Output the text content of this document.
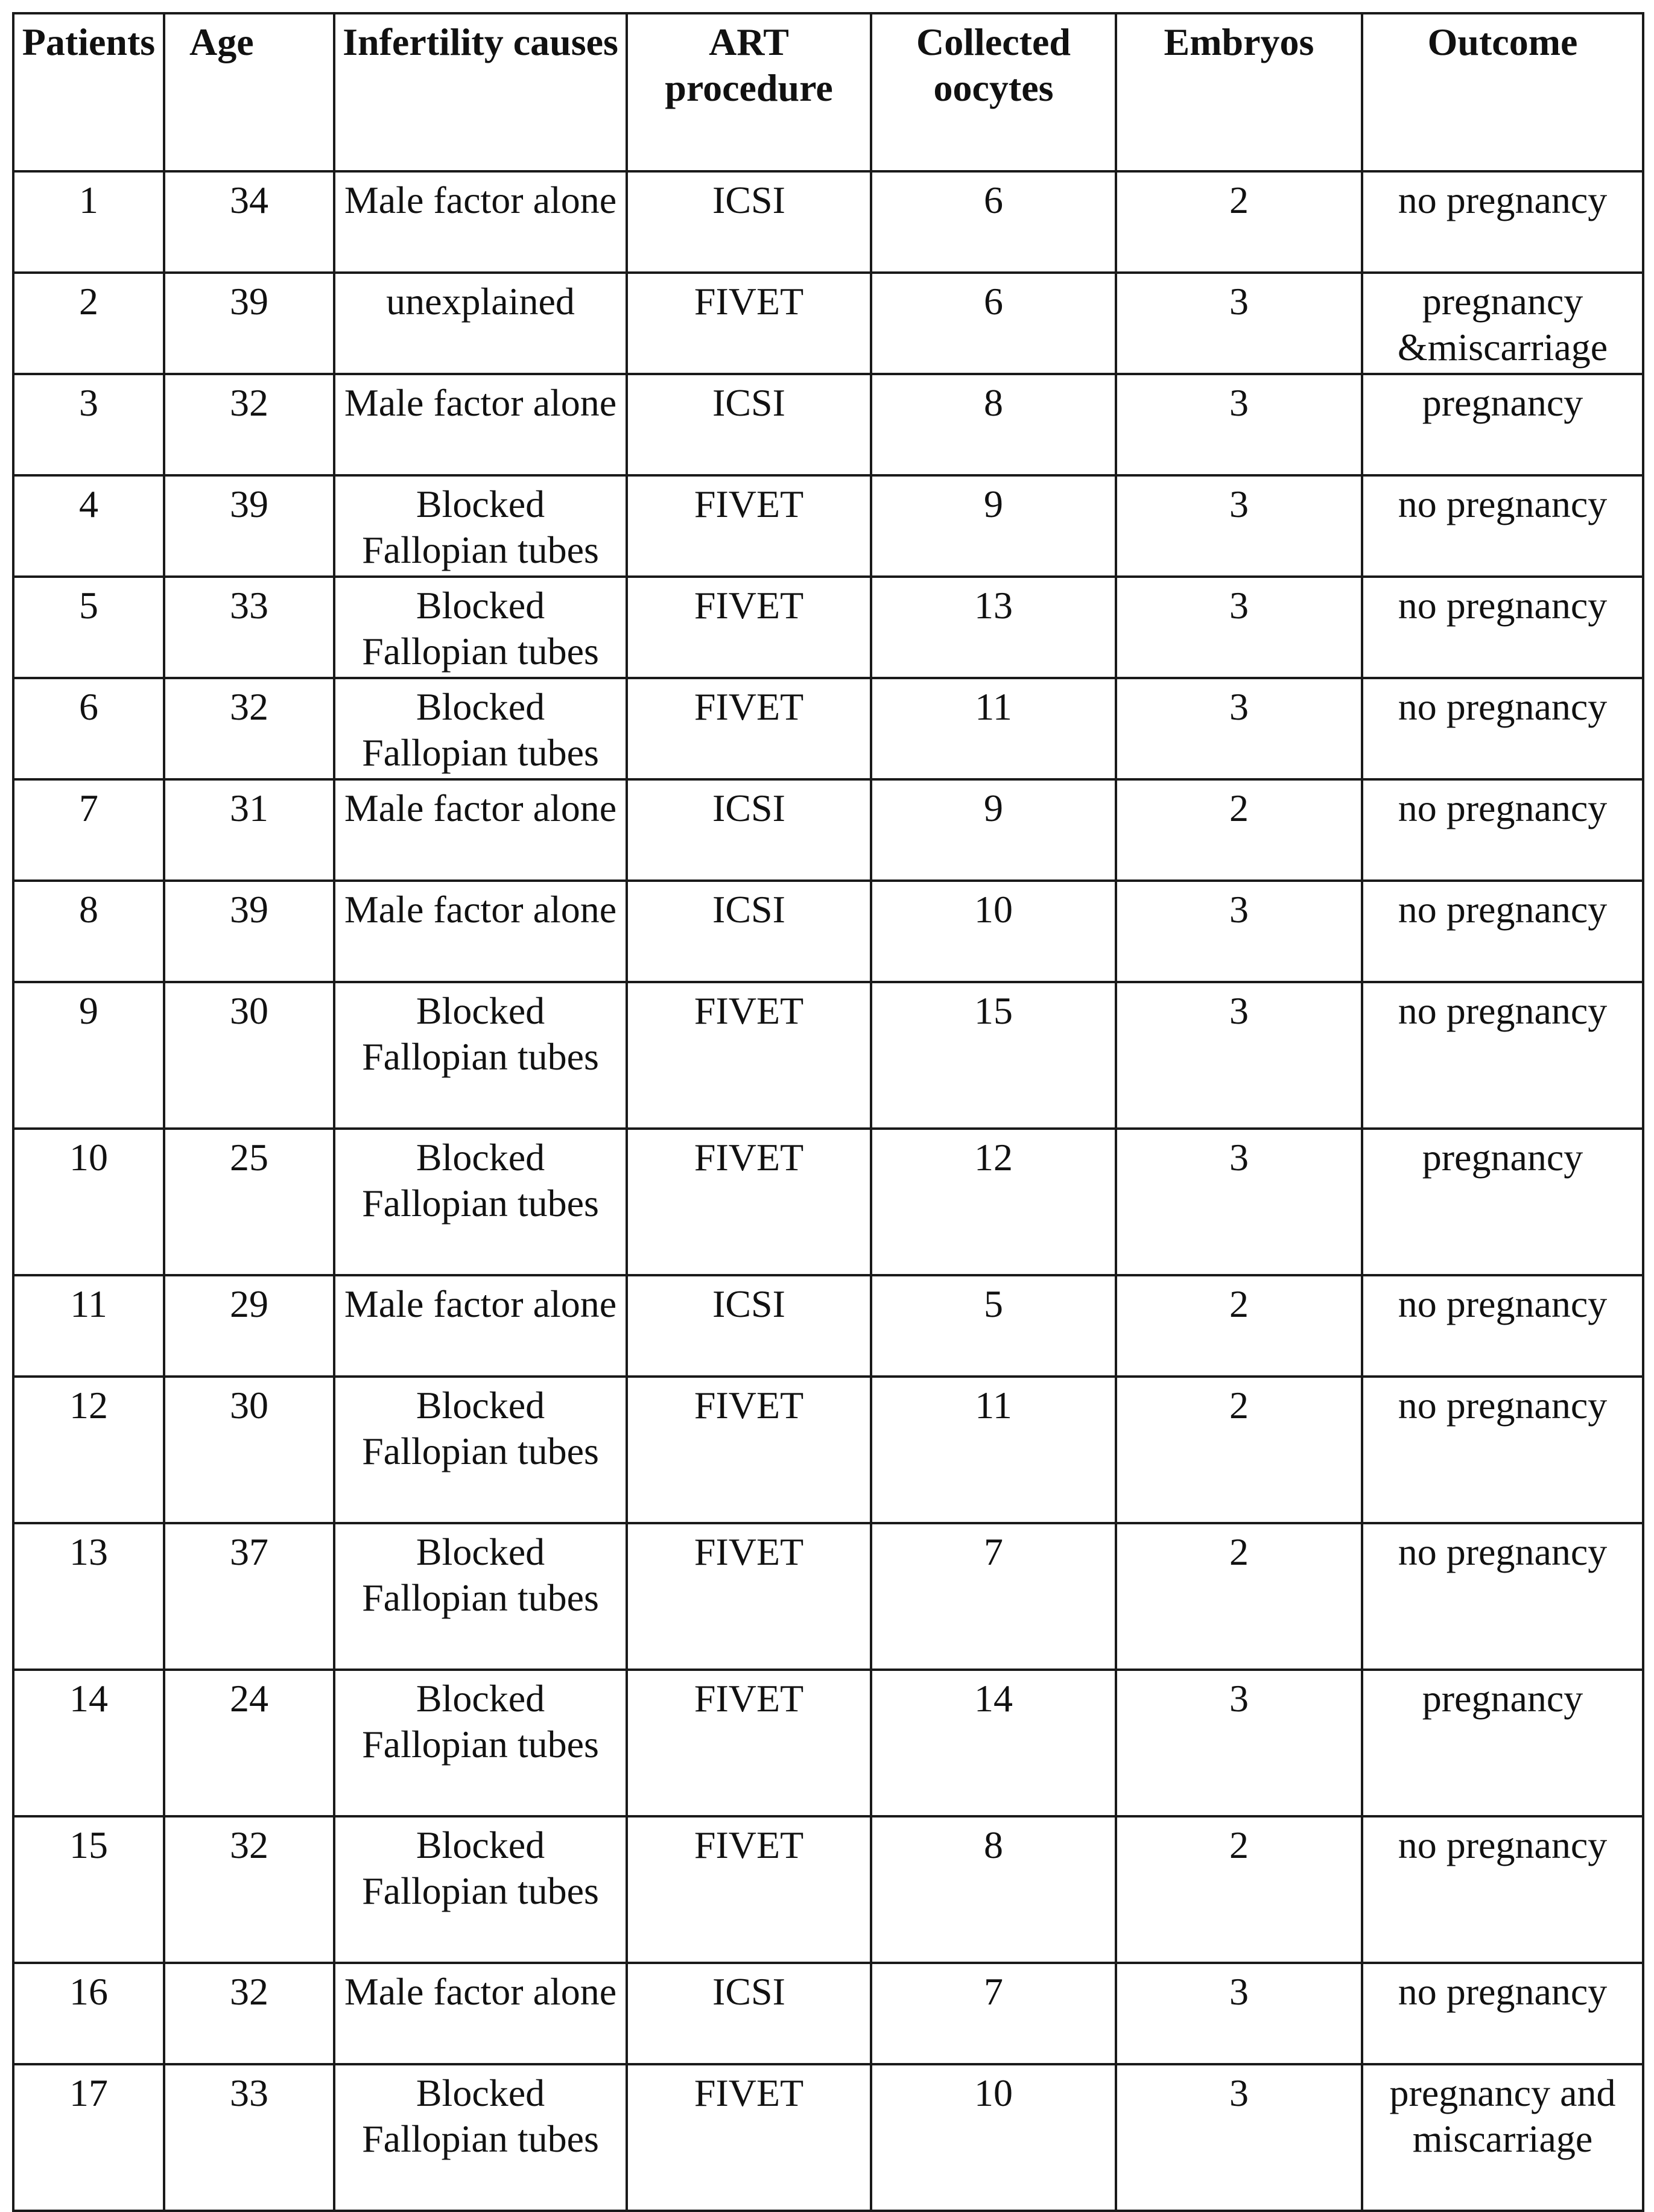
Patients	Age	Infertility causes	ART procedure	Collected oocytes	Embryos	Outcome

1	34	Male factor alone	ICSI	6	2	no pregnancy

2	39	unexplained	FIVET	6	3	pregnancy &miscarriage

3	32	Male factor alone	ICSI	8	3	pregnancy

4	39	Blocked Fallopian tubes	FIVET	9	3	no pregnancy

5	33	Blocked Fallopian tubes	FIVET	13	3	no pregnancy

6	32	Blocked Fallopian tubes	FIVET	11	3	no pregnancy

7	31	Male factor alone	ICSI	9	2	no pregnancy

8	39	Male factor alone	ICSI	10	3	no pregnancy

9	30	Blocked Fallopian tubes	FIVET	15	3	no pregnancy

10	25	Blocked Fallopian tubes	FIVET	12	3	pregnancy

11	29	Male factor alone	ICSI	5	2	no pregnancy

12	30	Blocked Fallopian tubes	FIVET	11	2	no pregnancy

13	37	Blocked Fallopian tubes	FIVET	7	2	no pregnancy

14	24	Blocked Fallopian tubes	FIVET	14	3	pregnancy

15	32	Blocked Fallopian tubes	FIVET	8	2	no pregnancy

16	32	Male factor alone	ICSI	7	3	no pregnancy

17	33	Blocked Fallopian tubes	FIVET	10	3	pregnancy and miscarriage
